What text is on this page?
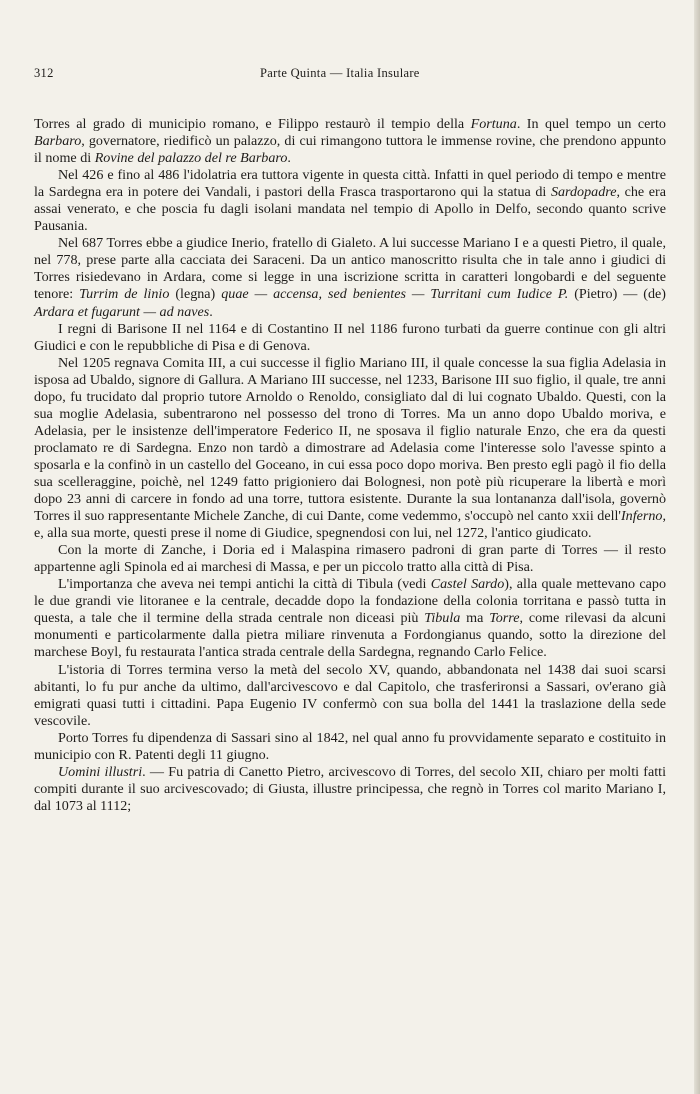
312	Parte Quinta — Italia Insulare

Torres al grado di municipio romano, e Filippo restaurò il tempio della Fortuna. In quel tempo un certo Barbaro, governatore, riedificò un palazzo, di cui rimangono tuttora le immense rovine, che prendono appunto il nome di Rovine del palazzo del re Barbaro.

Nel 426 e fino al 486 l'idolatria era tuttora vigente in questa città. Infatti in quel periodo di tempo e mentre la Sardegna era in potere dei Vandali, i pastori della Frasca trasportarono qui la statua di Sardopadre, che era assai venerato, e che poscia fu dagli isolani mandata nel tempio di Apollo in Delfo, secondo quanto scrive Pausania.

Nel 687 Torres ebbe a giudice Inerio, fratello di Gialeto. A lui successe Mariano I e a questi Pietro, il quale, nel 778, prese parte alla cacciata dei Saraceni. Da un antico manoscritto risulta che in tale anno i giudici di Torres risiedevano in Ardara, come si legge in una iscrizione scritta in caratteri longobardi e del seguente tenore: Turrim de linio (legna) quae — accensa, sed benientes — Turritani cum Iudice P. (Pietro) — (de) Ardara et fugarunt — ad naves.

I regni di Barisone II nel 1164 e di Costantino II nel 1186 furono turbati da guerre continue con gli altri Giudici e con le repubbliche di Pisa e di Genova.

Nel 1205 regnava Comita III, a cui successe il figlio Mariano III, il quale concesse la sua figlia Adelasia in isposa ad Ubaldo, signore di Gallura. A Mariano III successe, nel 1233, Barisone III suo figlio, il quale, tre anni dopo, fu trucidato dal proprio tutore Arnoldo o Renoldo, consigliato dal di lui cognato Ubaldo. Questi, con la sua moglie Adelasia, subentrarono nel possesso del trono di Torres. Ma un anno dopo Ubaldo moriva, e Adelasia, per le insistenze dell'imperatore Federico II, ne sposava il figlio naturale Enzo, che era da questi proclamato re di Sardegna. Enzo non tardò a dimostrare ad Adelasia come l'interesse solo l'avesse spinto a sposarla e la confinò in un castello del Goceano, in cui essa poco dopo moriva. Ben presto egli pagò il fio della sua scelleraggine, poichè, nel 1249 fatto prigioniero dai Bolognesi, non potè più ricuperare la libertà e morì dopo 23 anni di carcere in fondo ad una torre, tuttora esistente. Durante la sua lontananza dall'isola, governò Torres il suo rappresentante Michele Zanche, di cui Dante, come vedemmo, s'occupò nel canto xxii dell'Inferno, e, alla sua morte, questi prese il nome di Giudice, spegnendosi con lui, nel 1272, l'antico giudicato.

Con la morte di Zanche, i Doria ed i Malaspina rimasero padroni di gran parte di Torres — il resto appartenne agli Spinola ed ai marchesi di Massa, e per un piccolo tratto alla città di Pisa.

L'importanza che aveva nei tempi antichi la città di Tibula (vedi Castel Sardo), alla quale mettevano capo le due grandi vie litoranee e la centrale, decadde dopo la fondazione della colonia torritana e passò tutta in questa, a tale che il termine della strada centrale non diceasi più Tibula ma Torre, come rilevasi da alcuni monumenti e particolarmente dalla pietra miliare rinvenuta a Fordongianus quando, sotto la direzione del marchese Boyl, fu restaurata l'antica strada centrale della Sardegna, regnando Carlo Felice.

L'istoria di Torres termina verso la metà del secolo XV, quando, abbandonata nel 1438 dai suoi scarsi abitanti, lo fu pur anche da ultimo, dall'arcivescovo e dal Capitolo, che trasferironsi a Sassari, ov'erano già emigrati quasi tutti i cittadini. Papa Eugenio IV confermò con sua bolla del 1441 la traslazione della sede vescovile.

Porto Torres fu dipendenza di Sassari sino al 1842, nel qual anno fu provvidamente separato e costituito in municipio con R. Patenti degli 11 giugno.

Uomini illustri. — Fu patria di Canetto Pietro, arcivescovo di Torres, del secolo XII, chiaro per molti fatti compiti durante il suo arcivescovado; di Giusta, illustre principessa, che regnò in Torres col marito Mariano I, dal 1073 al 1112;
